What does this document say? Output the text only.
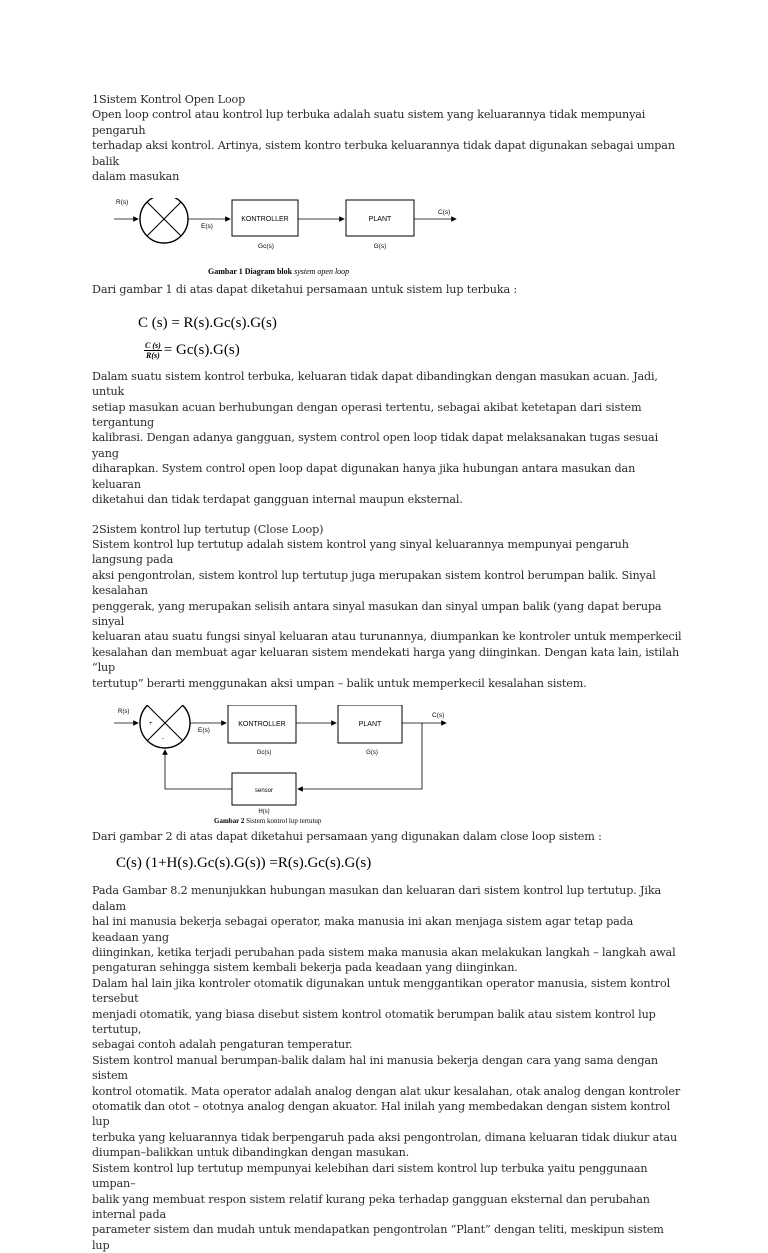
1Sistem Kontrol Open Loop

Open loop control atau kontrol lup terbuka adalah suatu sistem yang keluarannya tidak mempunyai pengaruh

terhadap aksi kontrol. Artinya, sistem kontro terbuka keluarannya tidak dapat digunakan sebagai umpan balik

dalam masukan

R(s)
E(s)
KONTROLLER
Gc(s)
PLANT
G(s)
C(s)
Gambar 1 Diagram blok system open loop

Dari gambar 1 di atas dapat diketahui persamaan untuk sistem lup terbuka :

C (s) = R(s).Gc(s).G(s)
$\frac{C (s)}{R(s)} = Gc(s).G(s)$

Dalam suatu sistem kontrol terbuka, keluaran tidak dapat dibandingkan dengan masukan acuan. Jadi, untuk

setiap masukan acuan berhubungan dengan operasi tertentu, sebagai akibat ketetapan dari sistem tergantung

kalibrasi. Dengan adanya gangguan, system control open loop tidak dapat melaksanakan tugas sesuai yang

diharapkan. System control open loop dapat digunakan hanya jika hubungan antara masukan dan keluaran

diketahui dan tidak terdapat gangguan internal maupun eksternal.

2Sistem kontrol lup tertutup (Close Loop)

Sistem kontrol lup tertutup adalah sistem kontrol yang sinyal keluarannya mempunyai pengaruh langsung pada

aksi pengontrolan, sistem kontrol lup tertutup juga merupakan sistem kontrol berumpan balik. Sinyal kesalahan

penggerak, yang merupakan selisih antara sinyal masukan dan sinyal umpan balik (yang dapat berupa sinyal

keluaran atau suatu fungsi sinyal keluaran atau turunannya, diumpankan ke kontroler untuk memperkecil

kesalahan dan membuat agar keluaran sistem mendekati harga yang diinginkan. Dengan kata lain, istilah “lup

tertutup” berarti menggunakan aksi umpan – balik untuk memperkecil kesalahan sistem.

R(s)
+
-
E(s)
KONTROLLER
Gc(s)
PLANT
G(s)
C(s)
sensor
H(s)
Gambar 2 Sistem kontrol lup tertutup

Dari gambar 2 di atas dapat diketahui persamaan yang digunakan dalam close loop sistem :

C(s) (1+H(s).Gc(s).G(s)) =R(s).Gc(s).G(s)

Pada Gambar 8.2 menunjukkan hubungan masukan dan keluaran dari sistem kontrol lup tertutup. Jika dalam

hal ini manusia bekerja sebagai operator, maka manusia ini akan menjaga sistem agar tetap pada keadaan yang

diinginkan, ketika terjadi perubahan pada sistem maka manusia akan melakukan langkah – langkah awal

pengaturan sehingga sistem kembali bekerja pada keadaan yang diinginkan.

Dalam hal lain jika kontroler otomatik digunakan untuk menggantikan operator manusia, sistem kontrol tersebut

menjadi otomatik, yang biasa disebut sistem kontrol otomatik berumpan balik atau sistem kontrol lup tertutup,

sebagai contoh adalah pengaturan temperatur.

Sistem kontrol manual berumpan-balik dalam hal ini manusia bekerja dengan cara yang sama dengan sistem

kontrol otomatik. Mata operator adalah analog dengan alat ukur kesalahan, otak analog dengan kontroler

otomatik dan otot – ototnya analog dengan akuator. Hal inilah yang membedakan dengan sistem kontrol lup

terbuka yang keluarannya tidak berpengaruh pada aksi pengontrolan, dimana keluaran tidak diukur atau

diumpan–balikkan untuk dibandingkan dengan masukan.

Sistem kontrol lup tertutup mempunyai kelebihan dari sistem kontrol lup terbuka yaitu penggunaan umpan–

balik yang membuat respon sistem relatif kurang peka terhadap gangguan eksternal dan perubahan internal pada

parameter sistem dan mudah untuk mendapatkan pengontrolan “Plant” dengan teliti, meskipun sistem lup
